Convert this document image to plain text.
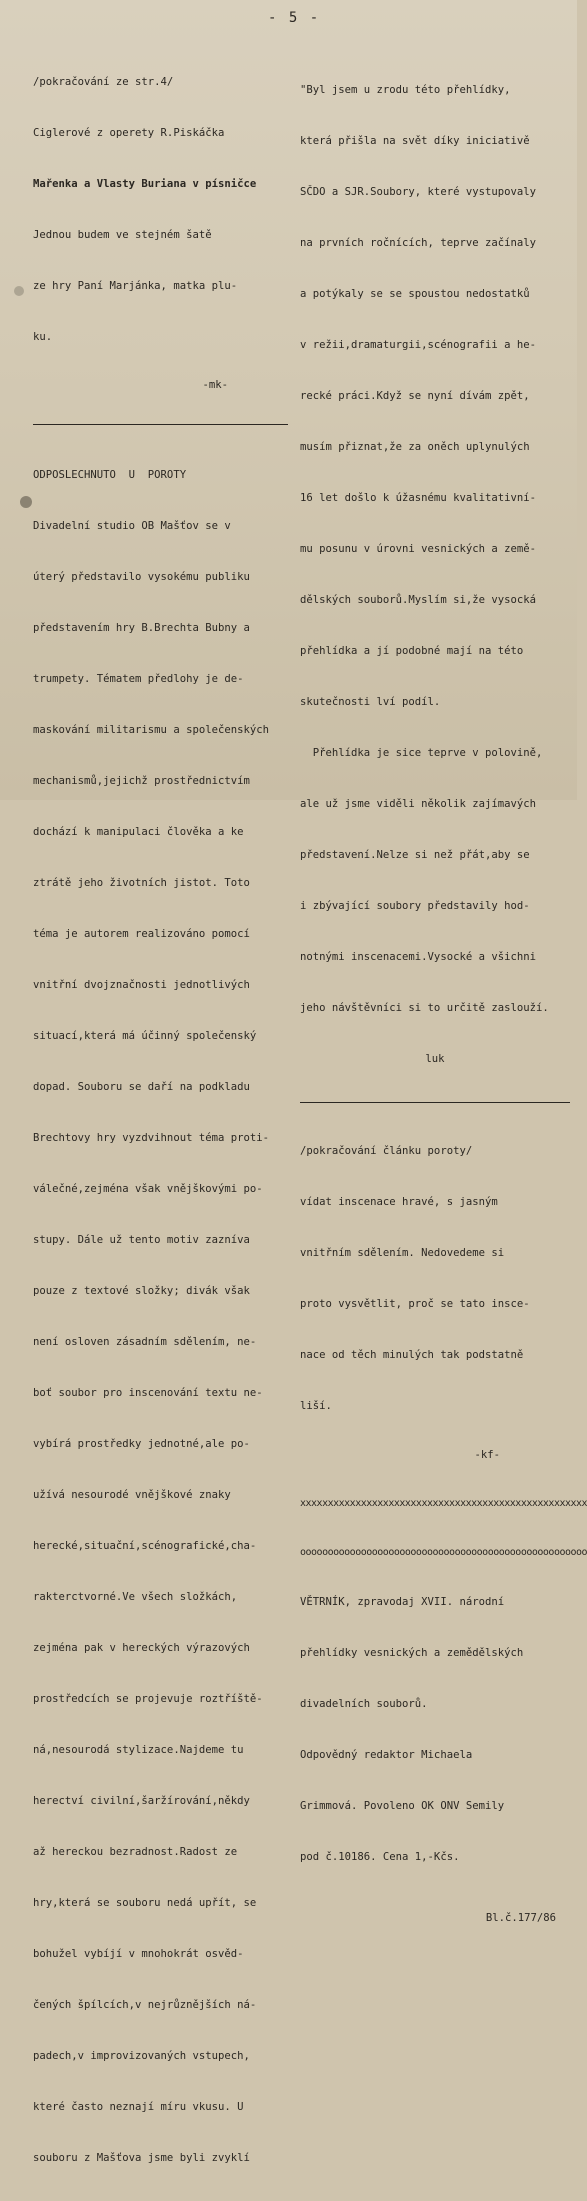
- 5 -

/pokračování ze str.4/

Ciglerové z operety R.Piskáčka

Mařenka a Vlasty Buriana v písničce

Jednou budem ve stejném šatě

ze hry Paní Marjánka, matka plu-

ku.

-mk-

ODPOSLECHNUTO  U  POROTY

Divadelní studio OB Mašťov se v

úterý představilo vysokému publiku

představením hry B.Brechta Bubny a

trumpety. Tématem předlohy je de-

maskování militarismu a společenských

mechanismů,jejichž prostřednictvím

dochází k manipulaci člověka a ke

ztrátě jeho životních jistot. Toto

téma je autorem realizováno pomocí

vnitřní dvojznačnosti jednotlivých

situací,která má účinný společenský

dopad. Souboru se daří na podkladu

Brechtovy hry vyzdvihnout téma proti-

válečné,zejména však vnějškovými po-

stupy. Dále už tento motiv zazníva

pouze z textové složky; divák však

není osloven zásadním sdělením, ne-

boť soubor pro inscenování textu ne-

vybírá prostředky jednotné,ale po-

užívá nesourodé vnějškové znaky

herecké,situační,scénografické,cha-

rakterctvorné.Ve všech složkách,

zejména pak v hereckých výrazových

prostředcích se projevuje roztříště-

ná,nesourodá stylizace.Najdeme tu

herectví civilní,šaržírování,někdy

až hereckou bezradnost.Radost ze

hry,která se souboru nedá upřít, se

bohužel vybíjí v mnohokrát osvěd-

čených špílcích,v nejrůznějších ná-

padech,v improvizovaných vstupech,

které často neznají míru vkusu. U

souboru z Mašťova jsme byli zvyklí

"Byl jsem u zrodu této přehlídky,

která přišla na svět díky iniciativě

SČDO a SJR.Soubory, které vystupovaly

na prvních ročnících, teprve začínaly

a potýkaly se se spoustou nedostatků

v režii,dramaturgii,scénografii a he-

recké práci.Když se nyní dívám zpět,

musím přiznat,že za oněch uplynulých

16 let došlo k úžasnému kvalitativní-

mu posunu v úrovni vesnických a země-

dělských souborů.Myslím si,že vysocká

přehlídka a jí podobné mají na této

skutečnosti lví podíl.

Přehlídka je sice teprve v polovině,

ale už jsme viděli několik zajímavých

představení.Nelze si než přát,aby se

i zbývající soubory představily hod-

notnými inscenacemi.Vysocké a všichni

jeho návštěvníci si to určitě zaslouží.

luk

/pokračování článku poroty/

vídat inscenace hravé, s jasným

vnitřním sdělením. Nedovedeme si

proto vysvětlit, proč se tato insce-

nace od těch minulých tak podstatně

liší.

-kf-

xxxxxxxxxxxxxxxxxxxxxxxxxxxxxxxxxxxxxxxxxxxxxxxxxxxx

oooooooooooooooooooooooooooooooooooooooooooooooooooo

VĚTRNÍK, zpravodaj XVII. národní

přehlídky vesnických a zemědělských

divadelních souborů.

Odpovědný redaktor Michaela

Grimmová. Povoleno OK ONV Semily

pod č.10186. Cena 1,-Kčs.

Bl.č.177/86
